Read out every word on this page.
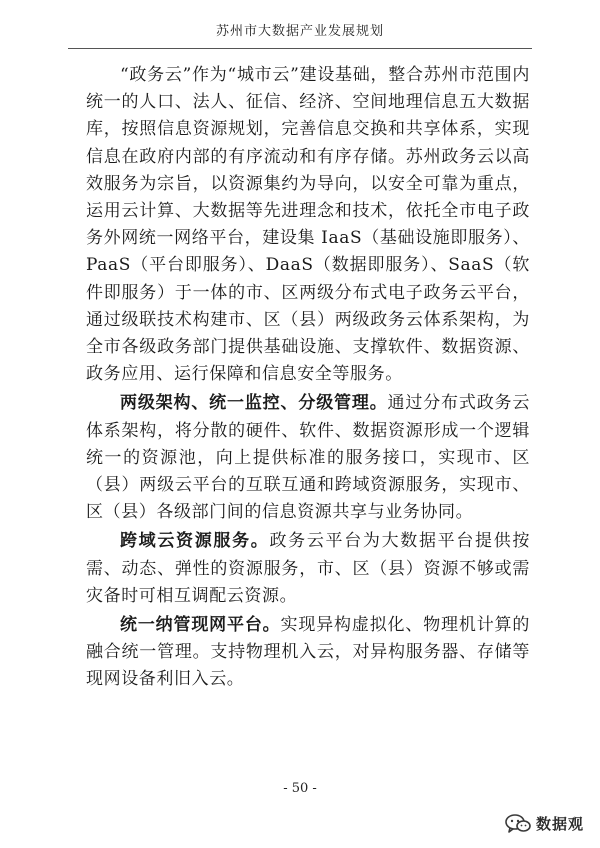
苏州市大数据产业发展规划

“政务云”作为“城市云”建设基础，整合苏州市范围内统一的人口、法人、征信、经济、空间地理信息五大数据库，按照信息资源规划，完善信息交换和共享体系，实现信息在政府内部的有序流动和有序存储。苏州政务云以高效服务为宗旨，以资源集约为导向，以安全可靠为重点，运用云计算、大数据等先进理念和技术，依托全市电子政务外网统一网络平台，建设集 IaaS（基础设施即服务）、PaaS（平台即服务）、DaaS（数据即服务）、SaaS（软件即服务）于一体的市、区两级分布式电子政务云平台，通过级联技术构建市、区（县）两级政务云体系架构，为全市各级政务部门提供基础设施、支撑软件、数据资源、政务应用、运行保障和信息安全等服务。

两级架构、统一监控、分级管理。通过分布式政务云体系架构，将分散的硬件、软件、数据资源形成一个逻辑统一的资源池，向上提供标准的服务接口，实现市、区（县）两级云平台的互联互通和跨域资源服务，实现市、区（县）各级部门间的信息资源共享与业务协同。

跨域云资源服务。政务云平台为大数据平台提供按需、动态、弹性的资源服务，市、区（县）资源不够或需灾备时可相互调配云资源。

统一纳管现网平台。实现异构虚拟化、物理机计算的融合统一管理。支持物理机入云，对异构服务器、存储等现网设备利旧入云。

- 50 -
数据观
